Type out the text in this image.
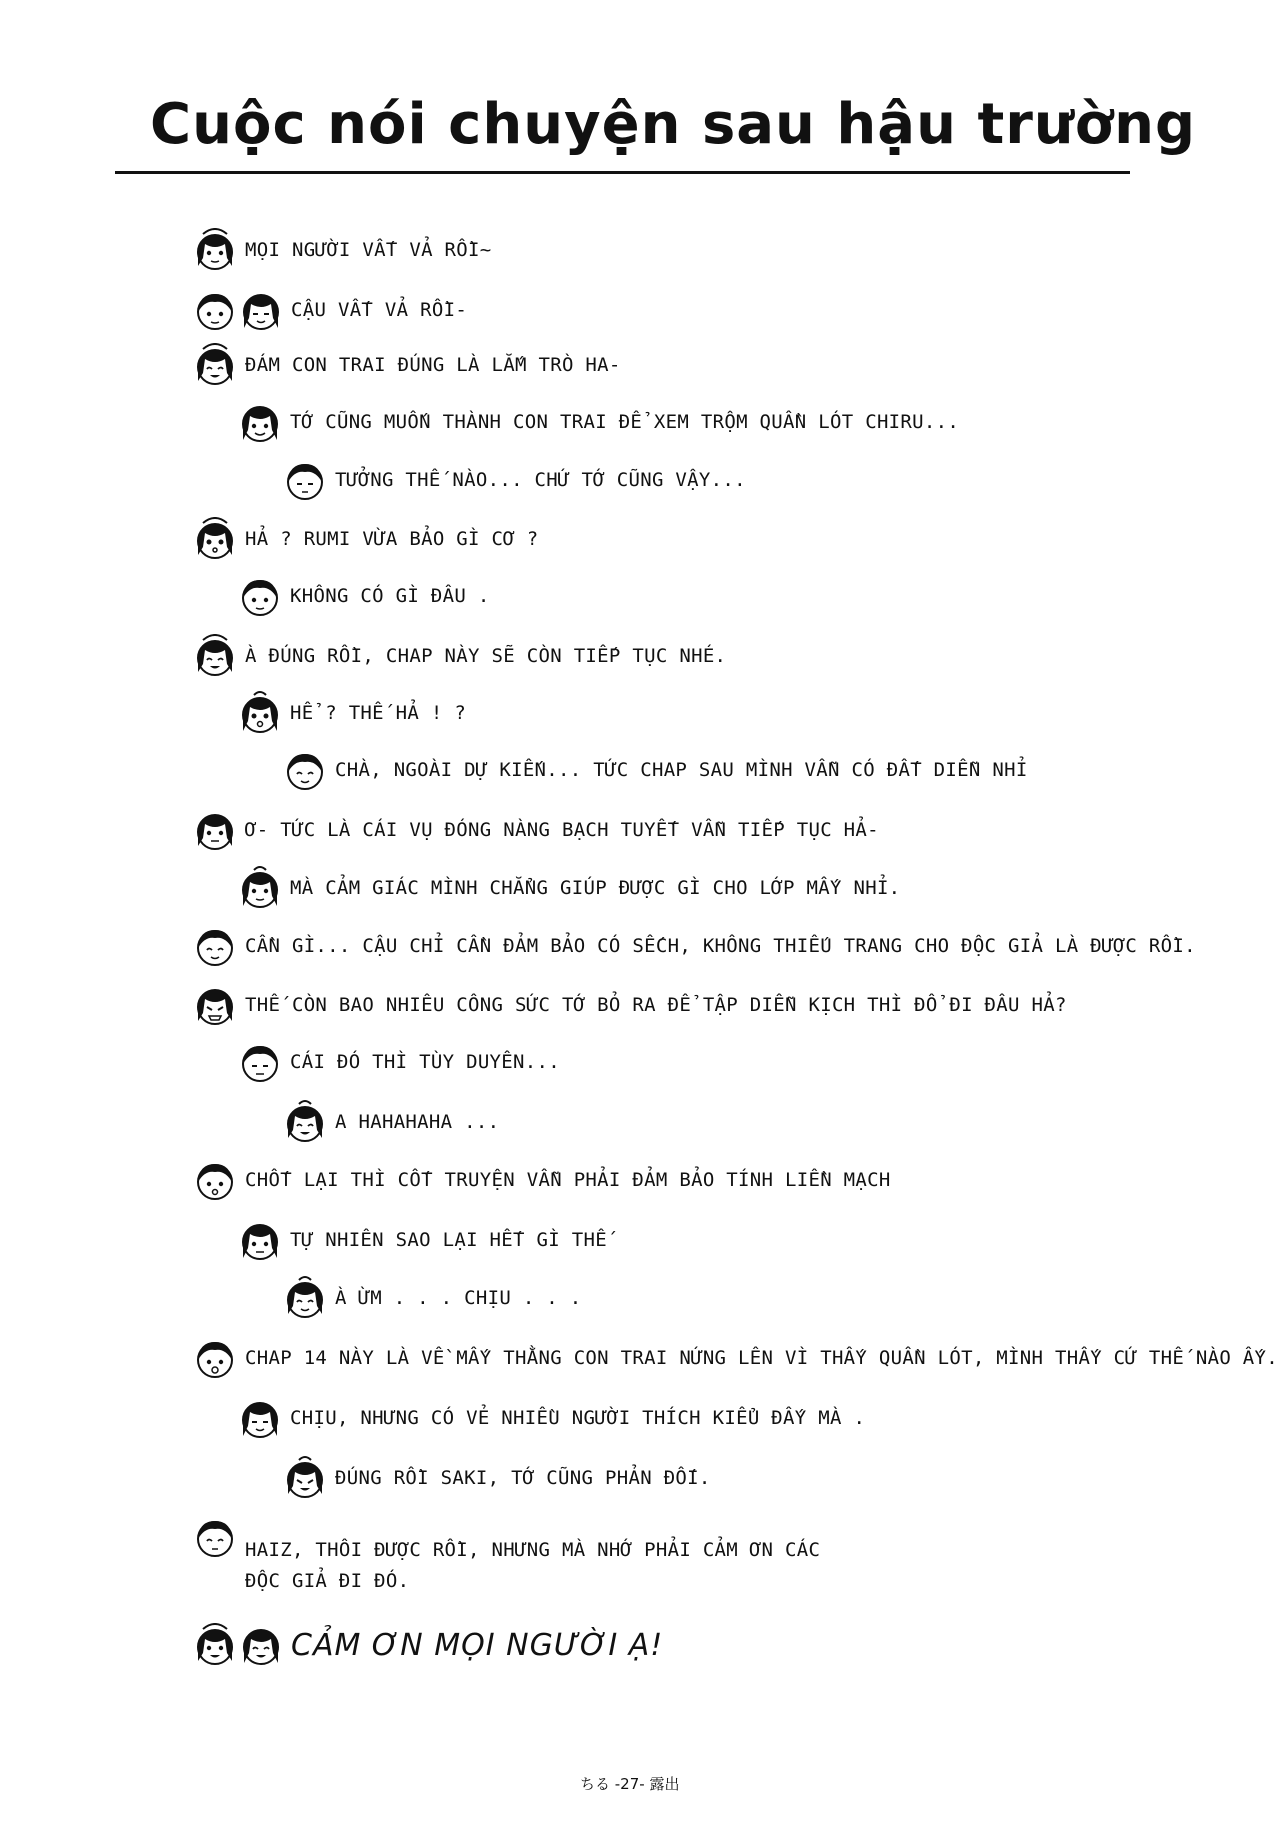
Cuộc nói chuyện sau hậu trường
MỌI NGƯỜI VẤT VẢ RỒI~
CẬU VẤT VẢ RỒI-
ĐÁM CON TRAI ĐÚNG LÀ LẮM TRÒ HA-
TỚ CŨNG MUỐN THÀNH CON TRAI ĐỂ XEM TRỘM QUẦN LÓT CHIRU...
TƯỞNG THẾ NÀO... CHỨ TỚ CŨNG VẬY...
HẢ ? RUMI VỪA BẢO GÌ CƠ ?
KHÔNG CÓ GÌ ĐÂU .
À ĐÚNG RỒI, CHAP NÀY SẼ CÒN TIẾP TỤC NHÉ.
HỂ ? THẾ HẢ ! ?
CHÀ, NGOÀI DỰ KIẾN... TỨC CHAP SAU MÌNH VẪN CÓ ĐẤT DIỄN NHỈ
Ơ- TỨC LÀ CÁI VỤ ĐÓNG NÀNG BẠCH TUYẾT VẪN TIẾP TỤC HẢ-
MÀ CẢM GIÁC MÌNH CHẲNG GIÚP ĐƯỢC GÌ CHO LỚP MẤY NHỈ.
CẦN GÌ... CẬU CHỈ CẦN ĐẢM BẢO CÓ SẾCH, KHÔNG THIẾU TRANG CHO ĐỘC GIẢ LÀ ĐƯỢC RỒI.
THẾ CÒN BAO NHIÊU CÔNG SỨC TỚ BỎ RA ĐỂ TẬP DIỄN KỊCH THÌ ĐỔ ĐI ĐÂU HẢ?
CÁI ĐÓ THÌ TÙY DUYÊN...
A HAHAHAHA ...
CHỐT LẠI THÌ CỐT TRUYỆN VẪN PHẢI ĐẢM BẢO TÍNH LIỀN MẠCH
TỰ NHIÊN SAO LẠI HẾT GÌ THẾ
À ỪM . . . CHỊU . . .
CHAP 14 NÀY LÀ VỀ MẤY THẰNG CON TRAI NỨNG LÊN VÌ THẤY QUẦN LÓT, MÌNH THẤY CỨ THẾ NÀO ẤY.
CHỊU, NHƯNG CÓ VẺ NHIỀU NGƯỜI THÍCH KIỂU ĐẤY MÀ .
ĐÚNG RỒI SAKI, TỚ CŨNG PHẢN ĐỐI.
HAIZ, THÔI ĐƯỢC RỒI, NHƯNG MÀ NHỚ PHẢI CẢM ƠN CÁC ĐỘC GIẢ ĐI ĐÓ.
CẢM ƠN MỌI NGƯỜI Ạ!
ちる -27- 露出
